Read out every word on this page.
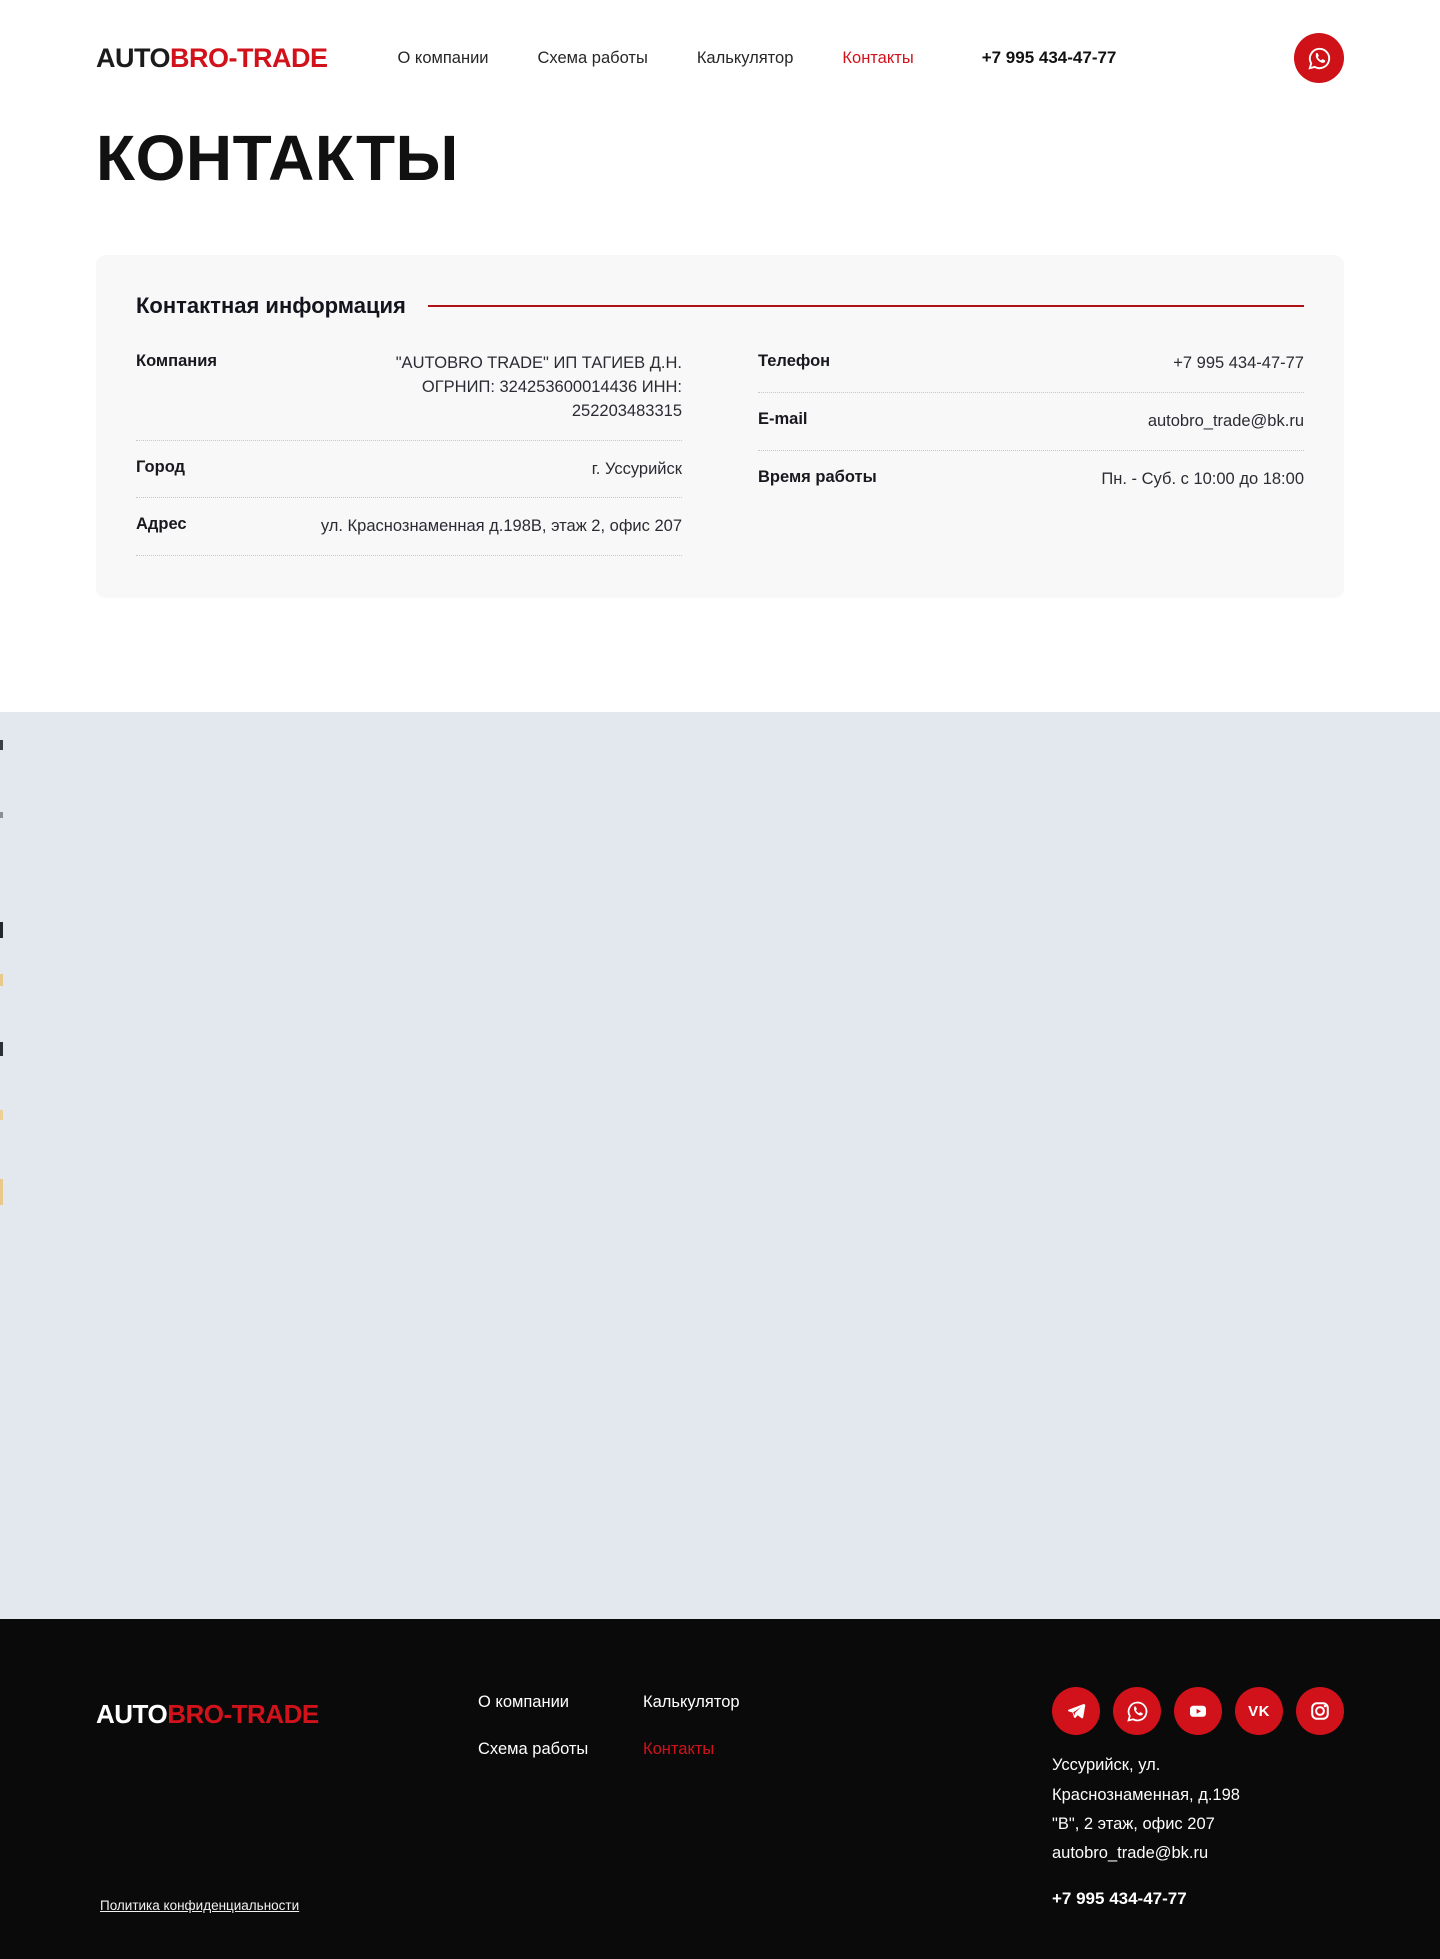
AUTOBRO-TRADE	О компании	Схема работы	Калькулятор	Контакты	+7 995 434-47-77
КОНТАКТЫ
Контактная информация
Компания	"AUTOBRO TRADE" ИП ТАГИЕВ Д.Н. ОГРНИП: 324253600014436 ИНН: 252203483315
Город	г. Уссурийск
Адрес	ул. Краснознаменная д.198В, этаж 2, офис 207
Телефон	+7 995 434-47-77
E-mail	autobro_trade@bk.ru
Время работы	Пн. - Суб. с 10:00 до 18:00
AUTOBRO-TRADE	О компании	Калькулятор
Схема работы	Контакты
VK
Уссурийск, ул.
Краснознаменная, д.198
"В", 2 этаж, офис 207
autobro_trade@bk.ru
+7 995 434-47-77
Политика конфиденциальности
